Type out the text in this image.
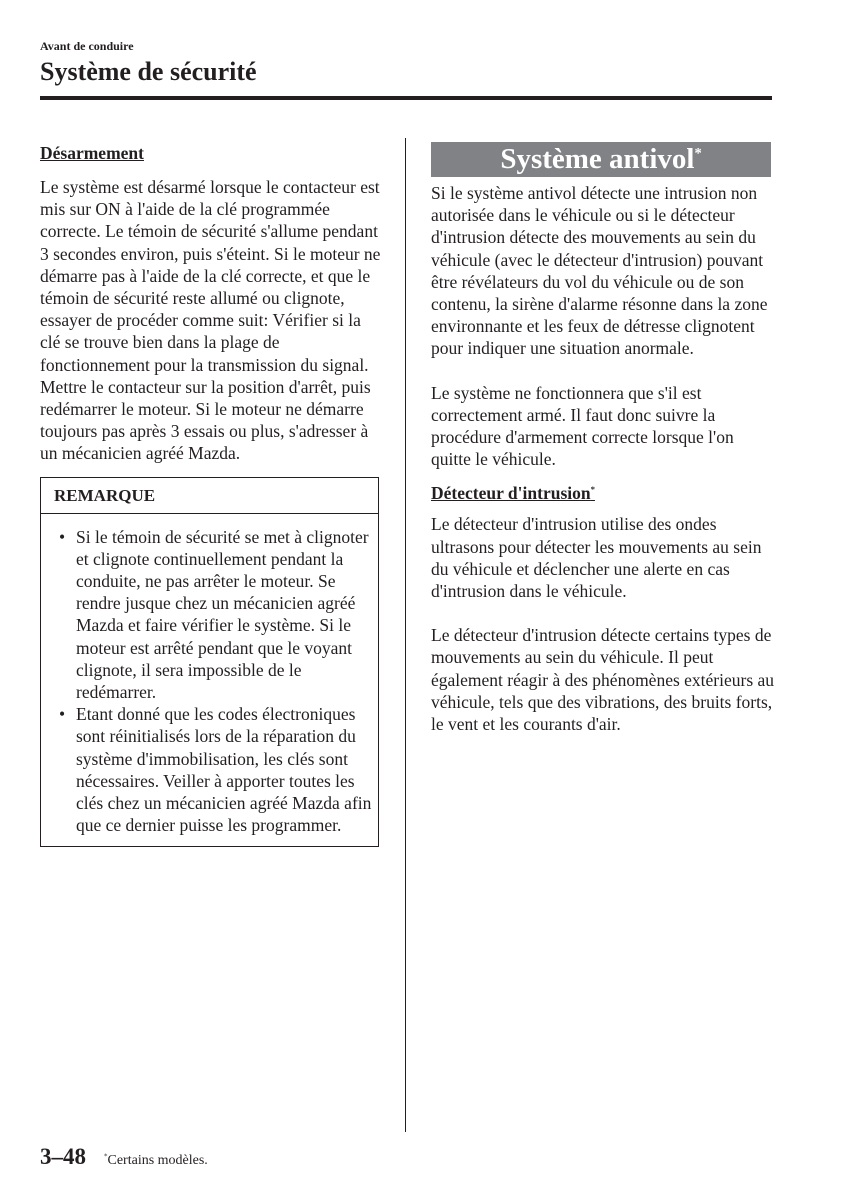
Avant de conduire
Système de sécurité

Désarmement

Le système est désarmé lorsque le contacteur est mis sur ON à l'aide de la clé programmée correcte. Le témoin de sécurité s'allume pendant 3 secondes environ, puis s'éteint. Si le moteur ne démarre pas à l'aide de la clé correcte, et que le témoin de sécurité reste allumé ou clignote, essayer de procéder comme suit: Vérifier si la clé se trouve bien dans la plage de fonctionnement pour la transmission du signal. Mettre le contacteur sur la position d'arrêt, puis redémarrer le moteur. Si le moteur ne démarre toujours pas après 3 essais ou plus, s'adresser à un mécanicien agréé Mazda.

REMARQUE
• Si le témoin de sécurité se met à clignoter et clignote continuellement pendant la conduite, ne pas arrêter le moteur. Se rendre jusque chez un mécanicien agréé Mazda et faire vérifier le système. Si le moteur est arrêté pendant que le voyant clignote, il sera impossible de le redémarrer.
• Etant donné que les codes électroniques sont réinitialisés lors de la réparation du système d'immobilisation, les clés sont nécessaires. Veiller à apporter toutes les clés chez un mécanicien agréé Mazda afin que ce dernier puisse les programmer.
Système antivol*

Si le système antivol détecte une intrusion non autorisée dans le véhicule ou si le détecteur d'intrusion détecte des mouvements au sein du véhicule (avec le détecteur d'intrusion) pouvant être révélateurs du vol du véhicule ou de son contenu, la sirène d'alarme résonne dans la zone environnante et les feux de détresse clignotent pour indiquer une situation anormale.

Le système ne fonctionnera que s'il est correctement armé. Il faut donc suivre la procédure d'armement correcte lorsque l'on quitte le véhicule.

Détecteur d'intrusion*

Le détecteur d'intrusion utilise des ondes ultrasons pour détecter les mouvements au sein du véhicule et déclencher une alerte en cas d'intrusion dans le véhicule.

Le détecteur d'intrusion détecte certains types de mouvements au sein du véhicule. Il peut également réagir à des phénomènes extérieurs au véhicule, tels que des vibrations, des bruits forts, le vent et les courants d'air.

3–48	*Certains modèles.
